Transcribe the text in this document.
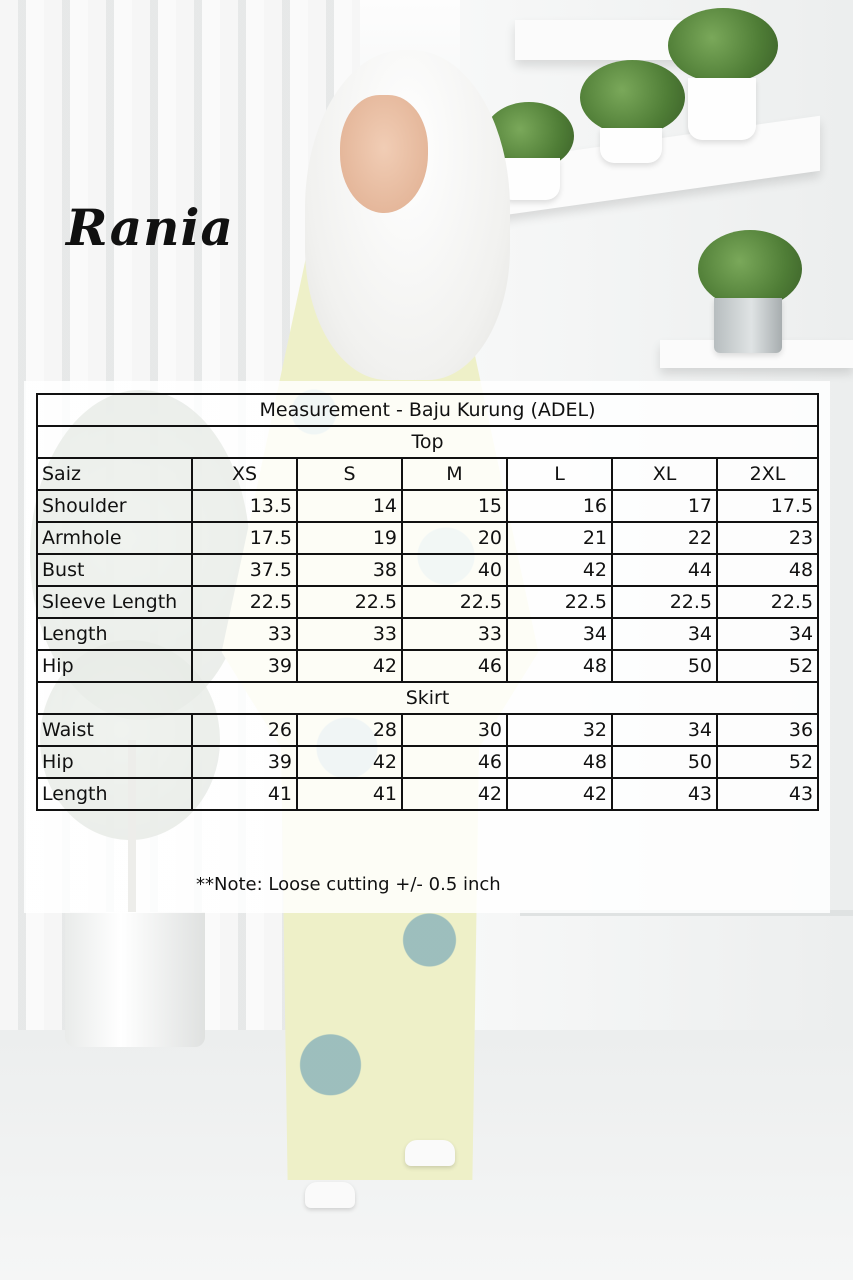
Rania
Measurement - Baju Kurung (ADEL)						
Top						
Saiz	XS	S	M	L	XL	2XL
Shoulder	13.5	14	15	16	17	17.5
Armhole	17.5	19	20	21	22	23
Bust	37.5	38	40	42	44	48
Sleeve Length	22.5	22.5	22.5	22.5	22.5	22.5
Length	33	33	33	34	34	34
Hip	39	42	46	48	50	52
Skirt						
Waist	26	28	30	32	34	36
Hip	39	42	46	48	50	52
Length	41	41	42	42	43	43
**Note: Loose cutting +/- 0.5 inch
